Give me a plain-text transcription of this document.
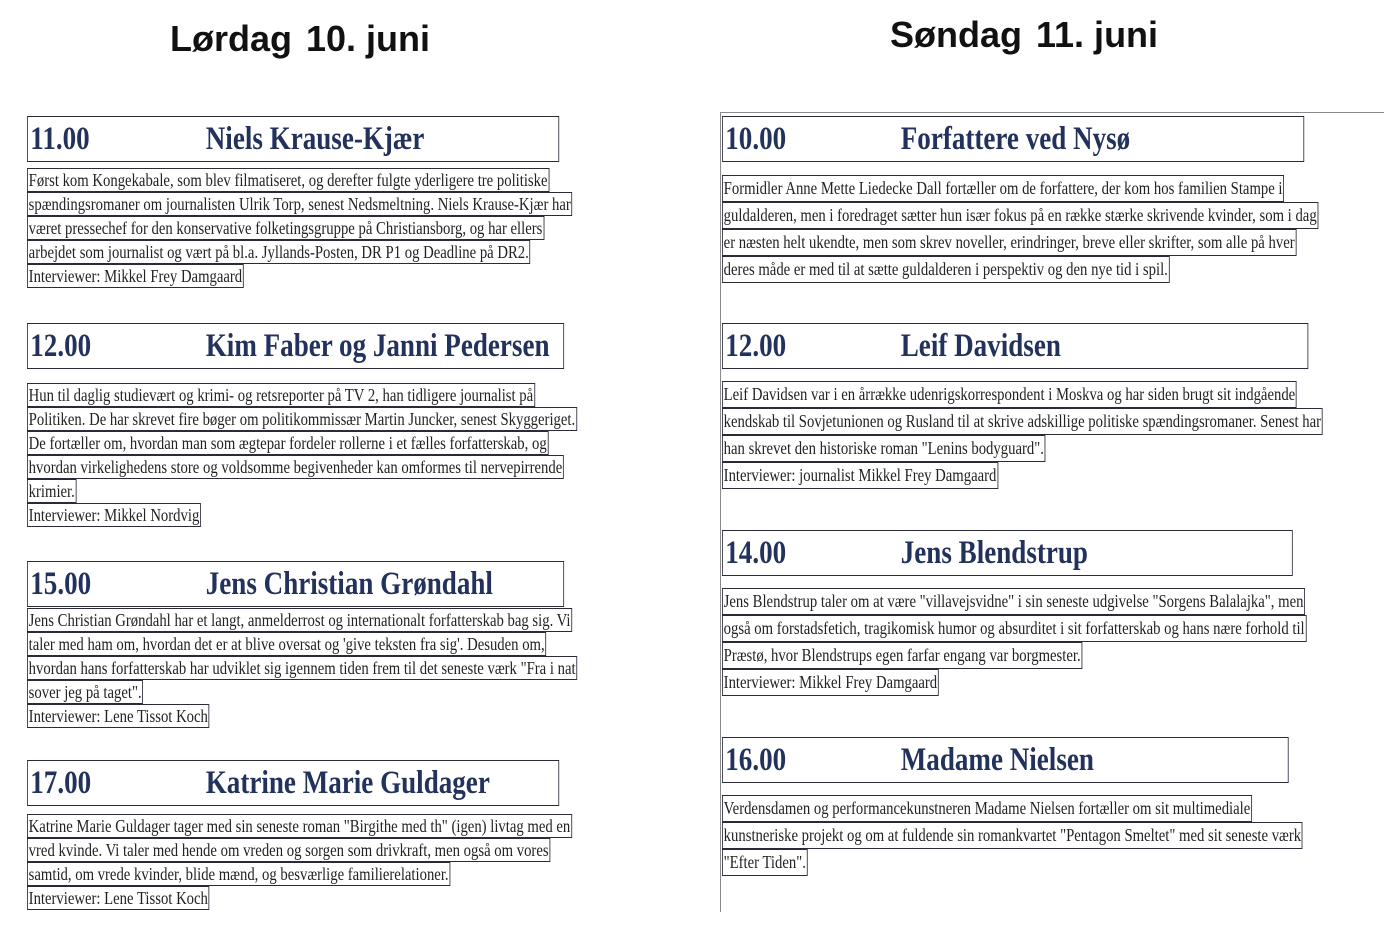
Lørdag 10. juni	Søndag 11. juni
11.00	Niels Krause-Kjær
Først kom Kongekabale, som blev filmatiseret, og derefter fulgte yderligere tre politiske
spændingsromaner om journalisten Ulrik Torp, senest Nedsmeltning. Niels Krause-Kjær har
været pressechef for den konservative folketingsgruppe på Christiansborg, og har ellers
arbejdet som journalist og vært på bl.a. Jyllands-Posten, DR P1 og Deadline på DR2.
Interviewer: Mikkel Frey Damgaard
12.00	Kim Faber og Janni Pedersen
Hun til daglig studievært og krimi- og retsreporter på TV 2, han tidligere journalist på
Politiken. De har skrevet fire bøger om politikommissær Martin Juncker, senest Skyggeriget.
De fortæller om, hvordan man som ægtepar fordeler rollerne i et fælles forfatterskab, og
hvordan virkelighedens store og voldsomme begivenheder kan omformes til nervepirrende
krimier.
Interviewer: Mikkel Nordvig
15.00	Jens Christian Grøndahl
Jens Christian Grøndahl har et langt, anmelderrost og internationalt forfatterskab bag sig. Vi
taler med ham om, hvordan det er at blive oversat og 'give teksten fra sig'. Desuden om,
hvordan hans forfatterskab har udviklet sig igennem tiden frem til det seneste værk "Fra i nat
sover jeg på taget".
Interviewer: Lene Tissot Koch
17.00	Katrine Marie Guldager
Katrine Marie Guldager tager med sin seneste roman "Birgithe med th" (igen) livtag med en
vred kvinde. Vi taler med hende om vreden og sorgen som drivkraft, men også om vores
samtid, om vrede kvinder, blide mænd, og besværlige familierelationer.
Interviewer: Lene Tissot Koch
10.00	Forfattere ved Nysø
Formidler Anne Mette Liedecke Dall fortæller om de forfattere, der kom hos familien Stampe i
guldalderen, men i foredraget sætter hun især fokus på en række stærke skrivende kvinder, som i dag
er næsten helt ukendte, men som skrev noveller, erindringer, breve eller skrifter, som alle på hver
deres måde er med til at sætte guldalderen i perspektiv og den nye tid i spil.
12.00	Leif Davidsen
Leif Davidsen var i en årrække udenrigskorrespondent i Moskva og har siden brugt sit indgående
kendskab til Sovjetunionen og Rusland til at skrive adskillige politiske spændingsromaner. Senest har
han skrevet den historiske roman "Lenins bodyguard".
Interviewer: journalist Mikkel Frey Damgaard
14.00	Jens Blendstrup
Jens Blendstrup taler om at være "villavejsvidne" i sin seneste udgivelse "Sorgens Balalajka", men
også om forstadsfetich, tragikomisk humor og absurditet i sit forfatterskab og hans nære forhold til
Præstø, hvor Blendstrups egen farfar engang var borgmester.
Interviewer: Mikkel Frey Damgaard
16.00	Madame Nielsen
Verdensdamen og performancekunstneren Madame Nielsen fortæller om sit multimediale
kunstneriske projekt og om at fuldende sin romankvartet "Pentagon Smeltet" med sit seneste værk
"Efter Tiden".
